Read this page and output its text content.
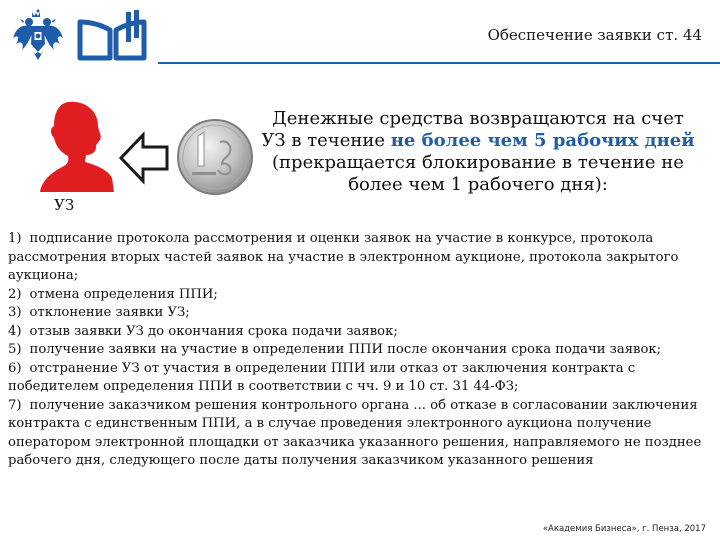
Обеспечение заявки ст. 44
УЗ
Денежные средства возвращаются на счет УЗ в течение не более чем 5 рабочих дней (прекращается блокирование в течение не более чем 1 рабочего дня):

1) подписание протокола рассмотрения и оценки заявок на участие в конкурсе, протокола рассмотрения вторых частей заявок на участие в электронном аукционе, протокола закрытого аукциона;

2) отмена определения ППИ;

3) отклонение заявки УЗ;

4) отзыв заявки УЗ до окончания срока подачи заявок;

5) получение заявки на участие в определении ППИ после окончания срока подачи заявок;

6) отстранение УЗ от участия в определении ППИ или отказ от заключения контракта с победителем определения ППИ в соответствии с чч. 9 и 10 ст. 31 44-ФЗ;

7) получение заказчиком решения контрольного органа ... об отказе в согласовании заключения контракта с единственным ППИ, а в случае проведения электронного аукциона получение оператором электронной площадки от заказчика указанного решения, направляемого не позднее рабочего дня, следующего после даты получения заказчиком указанного решения

«Академия Бизнеса», г. Пенза, 2017
